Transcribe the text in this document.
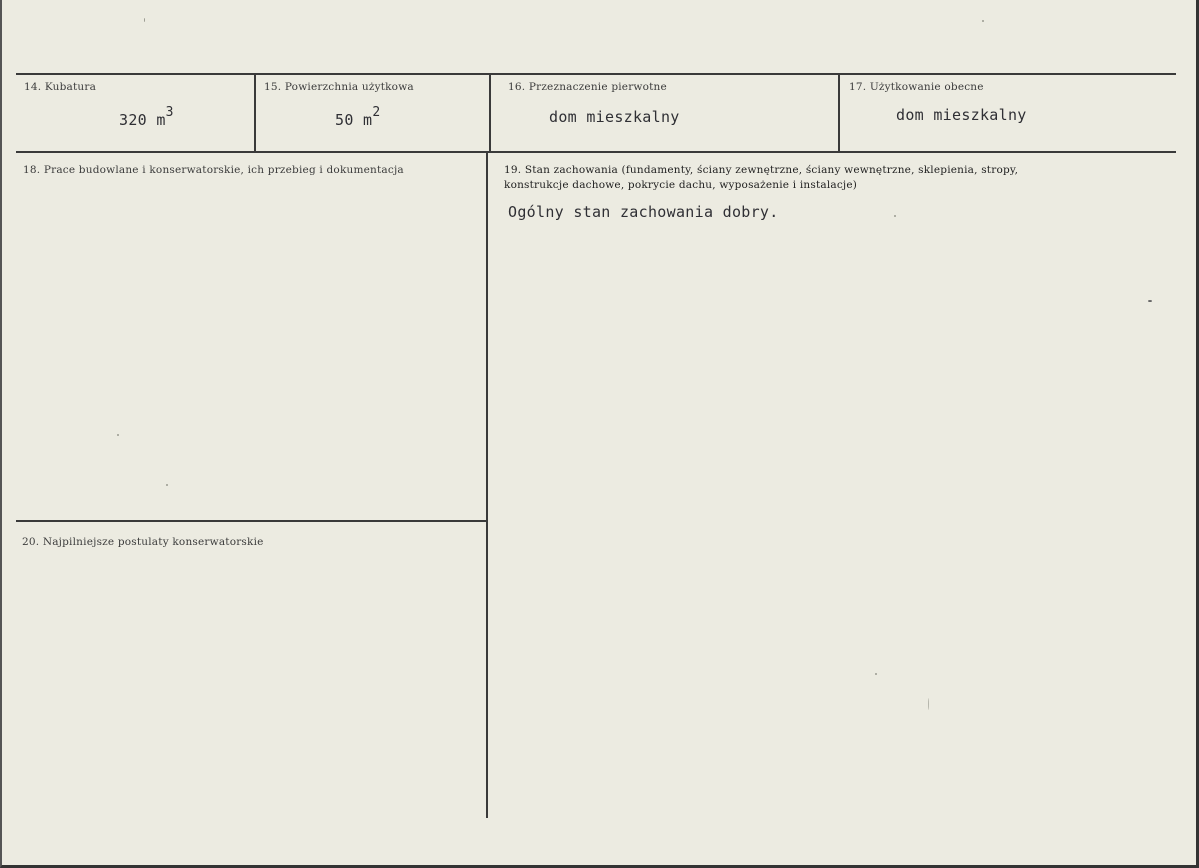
14. Kubatura
320 $m^3$
15. Powierzchnia użytkowa
50 $m^2$
16. Przeznaczenie pierwotne
dom mieszkalny
17. Użytkowanie obecne
dom mieszkalny
18. Prace budowlane i konserwatorskie, ich przebieg i dokumentacja	19. Stan zachowania (fundamenty, ściany zewnętrzne, ściany wewnętrzne, sklepienia, stropy,
konstrukcje dachowe, pokrycie dachu, wyposażenie i instalacje)
Ogólny stan zachowania dobry.
20. Najpilniejsze postulaty konserwatorskie
